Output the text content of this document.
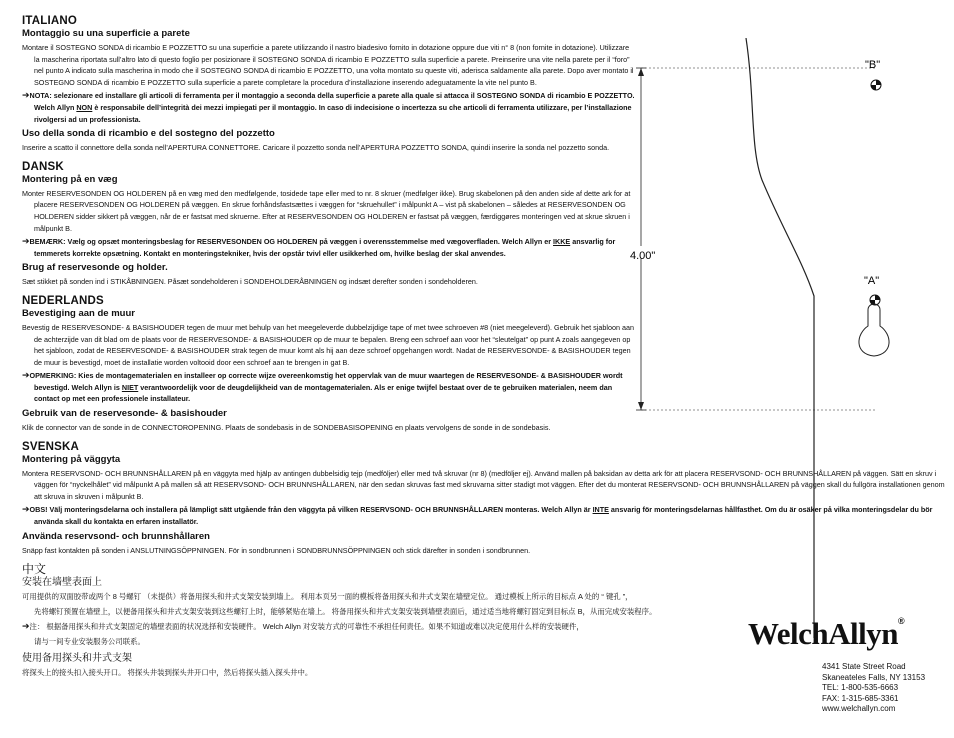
ITALIANO
Montaggio su una superficie a parete
Montare il SOSTEGNO SONDA di ricambio E POZZETTO su una superficie a parete utilizzando il nastro biadesivo fornito in dotazione oppure due viti n° 8 (non fornite in dotazione). Utilizzare la mascherina riportata sull’altro lato di questo foglio per posizionare il SOSTEGNO SONDA di ricambio E POZZETTO sulla superficie a parete. Preinserire una vite nella parete per il “foro” nel punto A indicato sulla mascherina in modo che il SOSTEGNO SONDA di ricambio E POZZETTO, una volta montato su queste viti, aderisca saldamente alla parete. Dopo aver montato il SOSTEGNO SONDA di ricambio E POZZETTO sulla superficie a parete completare la procedura d’installazione inserendo adeguatamente la vite nel punto B.
➔NOTA: selezionare ed installare gli articoli di ferramenta per il montaggio a seconda della superficie a parete alla quale si attacca il SOSTEGNO SONDA di ricambio E POZZETTO. Welch Allyn NON è responsabile dell’integrità dei mezzi impiegati per il montaggio. In caso di indecisione o incertezza su che articoli di ferramenta utilizzare, per l’installazione rivolgersi ad un professionista.
Uso della sonda di ricambio e del sostegno del pozzetto
Inserire a scatto il connettore della sonda nell’APERTURA CONNETTORE. Caricare il pozzetto sonda nell’APERTURA POZZETTO SONDA, quindi inserire la sonda nel pozzetto sonda.
DANSK
Montering på en væg
Monter RESERVESONDEN OG HOLDEREN på en væg med den medfølgende, tosidede tape eller med to nr. 8 skruer (medfølger ikke). Brug skabelonen på den anden side af dette ark for at placere RESERVESONDEN OG HOLDEREN på væggen. En skrue forhåndsfastsættes i væggen for “skruehullet” i målpunkt A – vist på skabelonen – således at RESERVESONDEN OG HOLDEREN sidder sikkert på væggen, når de er fastsat med skruerne. Efter at RESERVESONDEN OG HOLDEREN er fastsat på væggen, færdiggøres monteringen ved at skrue skruen i målpunkt B.
➔BEMÆRK: Vælg og opsæt monteringsbeslag for RESERVESONDEN OG HOLDEREN på væggen i overensstemmelse med vægoverfladen. Welch Allyn er IKKE ansvarlig for temmerets korrekte opsætning. Kontakt en monteringstekniker, hvis der opstår tvivl eller usikkerhed om, hvilke beslag der skal anvendes.
Brug af reservesonde og holder.
Sæt stikket på sonden ind i STIKÅBNINGEN. Påsæt sondeholderen i SONDEHOLDERÅBNINGEN og indsæt derefter sonden i sondeholderen.
NEDERLANDS
Bevestiging aan de muur
Bevestig de RESERVESONDE- & BASISHOUDER tegen de muur met behulp van het meegeleverde dubbelzijdige tape of met twee schroeven #8 (niet meegeleverd). Gebruik het sjabloon aan de achterzijde van dit blad om de plaats voor de RESERVESONDE- & BASISHOUDER op de muur te bepalen. Breng een schroef aan voor het “sleutelgat” op punt A zoals aangegeven op het sjabloon, zodat de RESERVESONDE- & BASISHOUDER strak tegen de muur komt als hij aan deze schroef opgehangen wordt. Nadat de RESERVESONDE- & BASISHOUDER tegen de muur is bevestigd, moet de installatie worden voltooid door een schroef aan te brengen in gat B.
➔OPMERKING: Kies de montagematerialen en installeer op correcte wijze overeenkomstig het oppervlak van de muur waartegen de RESERVESONDE- & BASISHOUDER wordt bevestigd. Welch Allyn is NIET verantwoordelijk voor de deugdelijkheid van de montagematerialen. Als er enige twijfel bestaat over de te gebruiken materialen, neem dan contact op met een professionele installateur.
Gebruik van de reservesonde- & basishouder
Klik de connector van de sonde in de CONNECTOROPENING. Plaats de sondebasis in de SONDEBASISOPENING en plaats vervolgens de sonde in de sondebasis.
SVENSKA
Montering på väggyta
Montera RESERVSOND- OCH BRUNNSHÅLLAREN på en väggyta med hjälp av antingen dubbelsidig tejp (medföljer) eller med två skruvar (nr 8) (medföljer ej). Använd mallen på baksidan av detta ark för att placera RESERVSOND- OCH BRUNNSHÅLLAREN på väggen. Sätt en skruv i väggen för “nyckelhålet” vid målpunkt A på mallen så att RESERVSOND- OCH BRUNNSHÅLLAREN, när den sedan skruvas fast med skruvarna sitter stadigt mot väggen. Efter det du monterat RESERVSOND- OCH BRUNNSHÅLLAREN på väggen skall du fullgöra installationen genom att skruva in skruven i målpunkt B.
➔OBS! Välj monteringsdelarna och installera på lämpligt sätt utgående från den väggyta på vilken RESERVSOND- OCH BRUNNSHÅLLAREN monteras. Welch Allyn är INTE ansvarig för monteringsdelarnas hållfasthet. Om du är osäker på vilka monteringsdelar du bör använda skall du kontakta en erfaren installatör.
Använda reservsond- och brunnshållaren
Snäpp fast kontakten på sonden i ANSLUTNINGSÖPPNINGEN. För in sondbrunnen i SONDBRUNNSÖPPNINGEN och stick därefter in sonden i sondbrunnen.
中文
安装在墙壁表面上
可用提供的双面胶带或两个 8 号螺钉 （未提供）将备用探头和井式支架安装到墙上。 利用本页另一面的模板将备用探头和井式支架在墙壁定位。 通过模板上所示的目标点 A 处的 “ 键孔 ”，
先将螺钉预置在墙壁上，以便备用探头和井式支架安装到这些螺钉上时，能够紧贴在墙上。 将备用探头和井式支架安装到墙壁表面后，通过适当地将螺钉固定到目标点 B，从而完成安装程序。
➔注： 根据备用探头和井式支架固定的墙壁表面的状况选择和安装硬件。 Welch Allyn 对安装方式的可靠性不承担任何责任。如果不知道或难以决定使用什么样的安装硬件，
请与一间专业安装服务公司联系。
使用备用探头和井式支架
将探头上的接头扣入接头开口。 将探头井装到探头井开口中，然后将探头插入探头井中。
4.00"
"B"
"A"
WelchAllyn®
4341 State Street Road
Skaneateles Falls, NY 13153
TEL: 1-800-535-6663
FAX: 1-315-685-3361
www.welchallyn.com
